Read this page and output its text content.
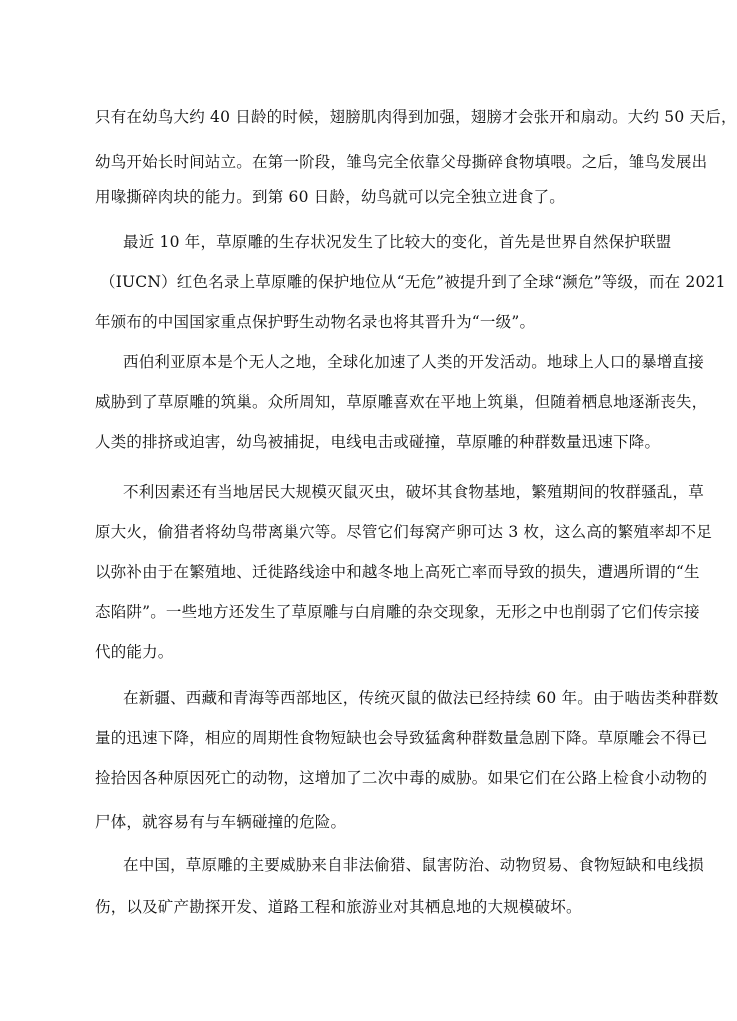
只有在幼鸟大约 40 日龄的时候，翅膀肌肉得到加强，翅膀才会张开和扇动。大约 50 天后，
幼鸟开始长时间站立。在第一阶段，雏鸟完全依靠父母撕碎食物填喂。之后，雏鸟发展出
用喙撕碎肉块的能力。到第 60 日龄，幼鸟就可以完全独立进食了。
最近 10 年，草原雕的生存状况发生了比较大的变化，首先是世界自然保护联盟
（IUCN）红色名录上草原雕的保护地位从“无危”被提升到了全球“濒危”等级，而在 2021
年颁布的中国国家重点保护野生动物名录也将其晋升为“一级”。
西伯利亚原本是个无人之地，全球化加速了人类的开发活动。地球上人口的暴增直接
威胁到了草原雕的筑巢。众所周知，草原雕喜欢在平地上筑巢，但随着栖息地逐渐丧失，
人类的排挤或迫害，幼鸟被捕捉，电线电击或碰撞，草原雕的种群数量迅速下降。
不利因素还有当地居民大规模灭鼠灭虫，破坏其食物基地，繁殖期间的牧群骚乱，草
原大火，偷猎者将幼鸟带离巢穴等。尽管它们每窝产卵可达 3 枚，这么高的繁殖率却不足
以弥补由于在繁殖地、迁徙路线途中和越冬地上高死亡率而导致的损失，遭遇所谓的“生
态陷阱”。一些地方还发生了草原雕与白肩雕的杂交现象，无形之中也削弱了它们传宗接
代的能力。
在新疆、西藏和青海等西部地区，传统灭鼠的做法已经持续 60 年。由于啮齿类种群数
量的迅速下降，相应的周期性食物短缺也会导致猛禽种群数量急剧下降。草原雕会不得已
捡拾因各种原因死亡的动物，这增加了二次中毒的威胁。如果它们在公路上检食小动物的
尸体，就容易有与车辆碰撞的危险。
在中国，草原雕的主要威胁来自非法偷猎、鼠害防治、动物贸易、食物短缺和电线损
伤，以及矿产勘探开发、道路工程和旅游业对其栖息地的大规模破坏。
